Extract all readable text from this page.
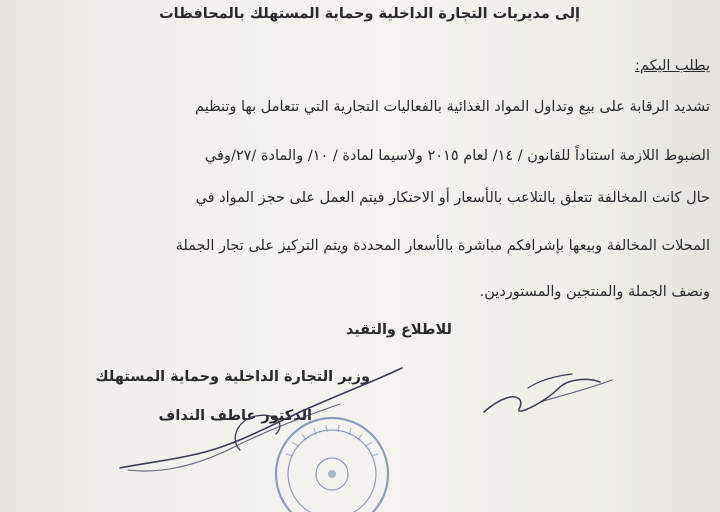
إلى مديريات التجارة الداخلية وحماية المستهلك بالمحافظات
يطلب اليكم:
تشديد الرقابة على بيع وتداول المواد الغذائية بالفعاليات التجارية التي تتعامل بها وتنظيم
الضبوط اللازمة استناداً للقانون / ١٤/ لعام ٢٠١٥ ولاسيما لمادة / ١٠/ والمادة /٢٧/وفي
حال كانت المخالفة تتعلق بالتلاعب بالأسعار أو الاحتكار فيتم العمل على حجز المواد في
المحلات المخالفة وبيعها بإشرافكم مباشرة بالأسعار المحددة ويتم التركيز على تجار الجملة
ونصف الجملة والمنتجين والمستوردين.
للاطلاع والتقيد
وزير التجارة الداخلية وحماية المستهلك
الدكتور عاطف النداف
